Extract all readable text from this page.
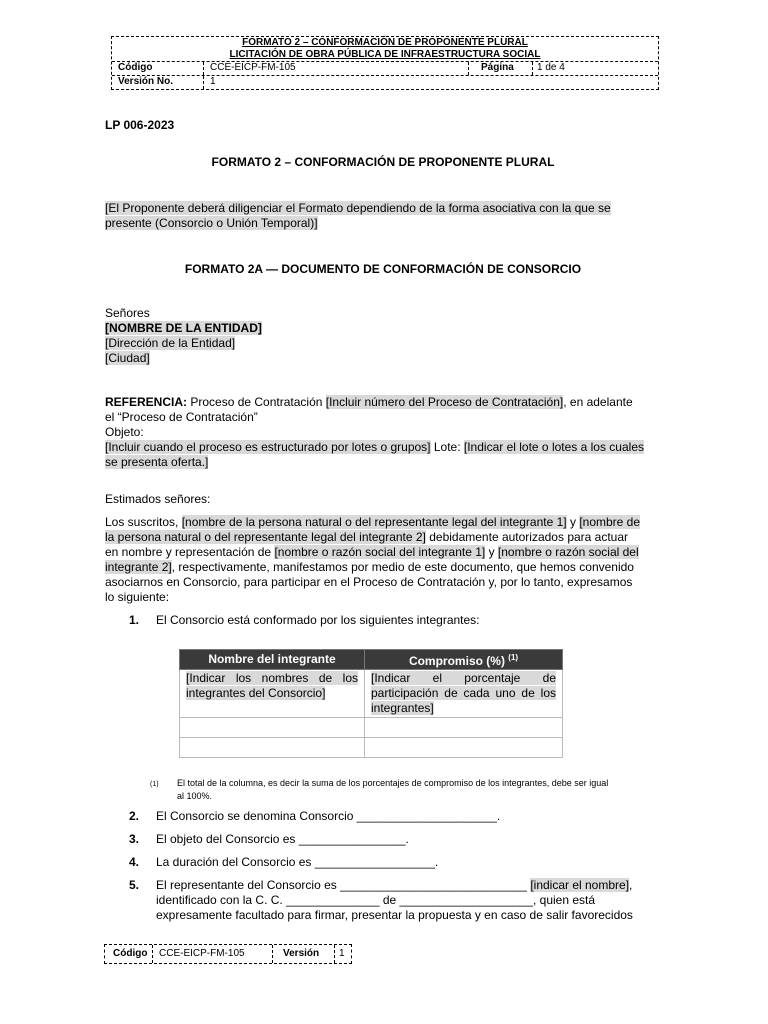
FORMATO 2 – CONFORMACIÓN DE PROPONENTE PLURAL
LICITACIÓN DE OBRA PÚBLICA DE INFRAESTRUCTURA SOCIAL
Código	CCE-EICP-FM-105	Página	1 de 4
Versión No.	1
LP 006-2023
FORMATO 2 – CONFORMACIÓN DE PROPONENTE PLURAL
[El Proponente deberá diligenciar el Formato dependiendo de la forma asociativa con la que se
presente (Consorcio o Unión Temporal)]
FORMATO 2A — DOCUMENTO DE CONFORMACIÓN DE CONSORCIO
Señores
[NOMBRE DE LA ENTIDAD]
[Dirección de la Entidad]
[Ciudad]
REFERENCIA: Proceso de Contratación [Incluir número del Proceso de Contratación], en adelante
el “Proceso de Contratación”
Objeto:
[Incluir cuando el proceso es estructurado por lotes o grupos] Lote: [Indicar el lote o lotes a los cuales
se presenta oferta.]
Estimados señores:
Los suscritos, [nombre de la persona natural o del representante legal del integrante 1] y [nombre de
la persona natural o del representante legal del integrante 2] debidamente autorizados para actuar
en nombre y representación de [nombre o razón social del integrante 1] y [nombre o razón social del
integrante 2], respectivamente, manifestamos por medio de este documento, que hemos convenido
asociarnos en Consorcio, para participar en el Proceso de Contratación y, por lo tanto, expresamos
lo siguiente:
1. El Consorcio está conformado por los siguientes integrantes:
Nombre del integrante	Compromiso (%) $^{(1)}$
[Indicar los nombres de los integrantes del Consorcio]	[Indicar el porcentaje de participación de cada uno de los integrantes]

(1) El total de la columna, es decir la suma de los porcentajes de compromiso de los integrantes, debe ser igual
al 100%.
2. El Consorcio se denomina Consorcio _____________________.
3. El objeto del Consorcio es ________________.
4. La duración del Consorcio es __________________.
5. El representante del Consorcio es ____________________________ [indicar el nombre],
identificado con la C. C. ______________ de ____________________, quien está
expresamente facultado para firmar, presentar la propuesta y en caso de salir favorecidos
Código	CCE-EICP-FM-105	Versión	1
